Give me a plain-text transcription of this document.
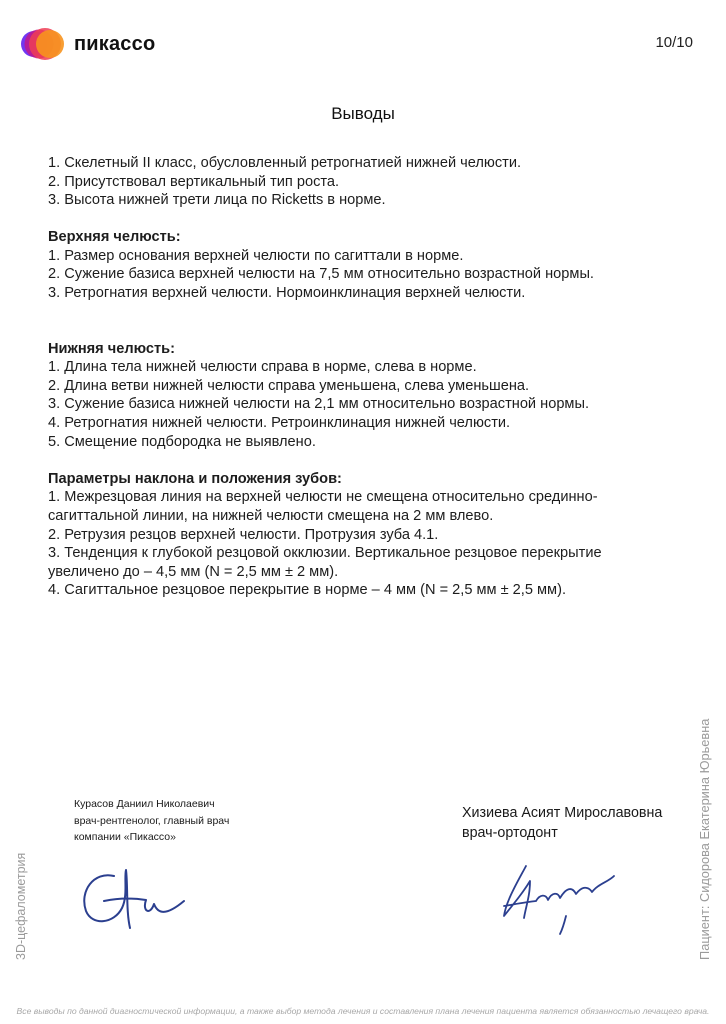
пикассо	10/10
Выводы

1. Скелетный II класс, обусловленный ретрогнатией нижней челюсти.

2. Присутствовал вертикальный тип роста.

3. Высота нижней трети лица по Ricketts в норме.

Верхняя челюсть:

1. Размер основания верхней челюсти по сагиттали в норме.

2. Сужение базиса верхней челюсти на 7,5 мм относительно возрастной нормы.

3. Ретрогнатия верхней челюсти. Нормоинклинация верхней челюсти.

Нижняя челюсть:

1. Длина тела нижней челюсти справа в норме, слева в норме.

2. Длина ветви нижней челюсти справа уменьшена, слева уменьшена.

3. Сужение базиса нижней челюсти на 2,1 мм относительно возрастной нормы.

4. Ретрогнатия нижней челюсти. Ретроинклинация нижней челюсти.

5. Смещение подбородка не выявлено.

Параметры наклона и положения зубов:

1. Межрезцовая линия на верхней челюсти не смещена относительно срединно-сагиттальной линии, на нижней челюсти смещена на 2 мм влево.

2. Ретрузия резцов верхней челюсти. Протрузия зуба 4.1.

3. Тенденция к глубокой резцовой окклюзии. Вертикальное резцовое перекрытие увеличено до – 4,5 мм (N = 2,5 мм ± 2 мм).

4. Сагиттальное резцовое перекрытие в норме – 4 мм (N = 2,5 мм ± 2,5 мм).

Курасов Даниил Николаевич
врач-рентгенолог, главный врач
компании «Пикассо»
Хизиева Асият Мирославовна
врач-ортодонт
3D-цефалометрия	Пациент: Сидорова Екатерина Юрьевна
Все выводы по данной диагностической информации, а также выбор метода лечения и составления плана лечения пациента является обязанностью лечащего врача.
